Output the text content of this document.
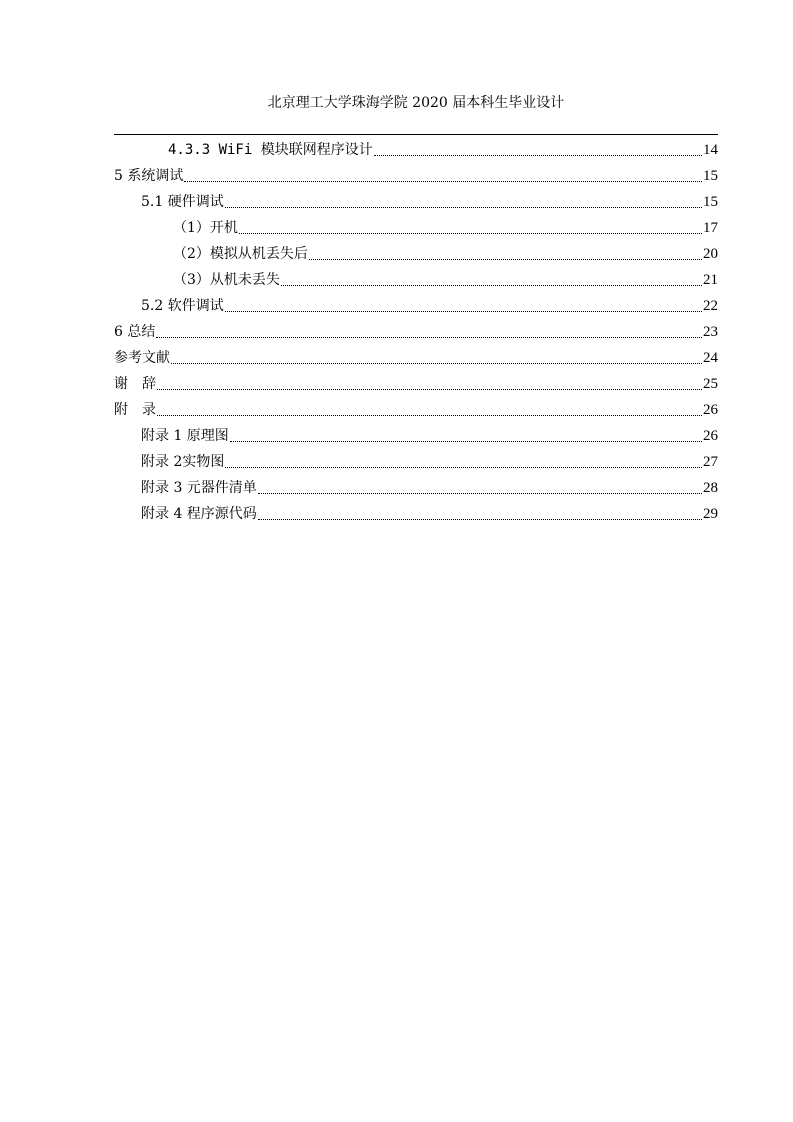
北京理工大学珠海学院 2020 届本科生毕业设计
4.3.3 WiFi 模块联网程序设计	14
5 系统调试	15
5.1 硬件调试	15
（1）开机	17
（2）模拟从机丢失后	20
（3）从机未丢失	21
5.2 软件调试	22
6 总结	23
参考文献	24
谢　辞	25
附　录	26
附录 1 原理图	26
附录 2实物图	27
附录 3 元器件清单	28
附录 4 程序源代码	29
